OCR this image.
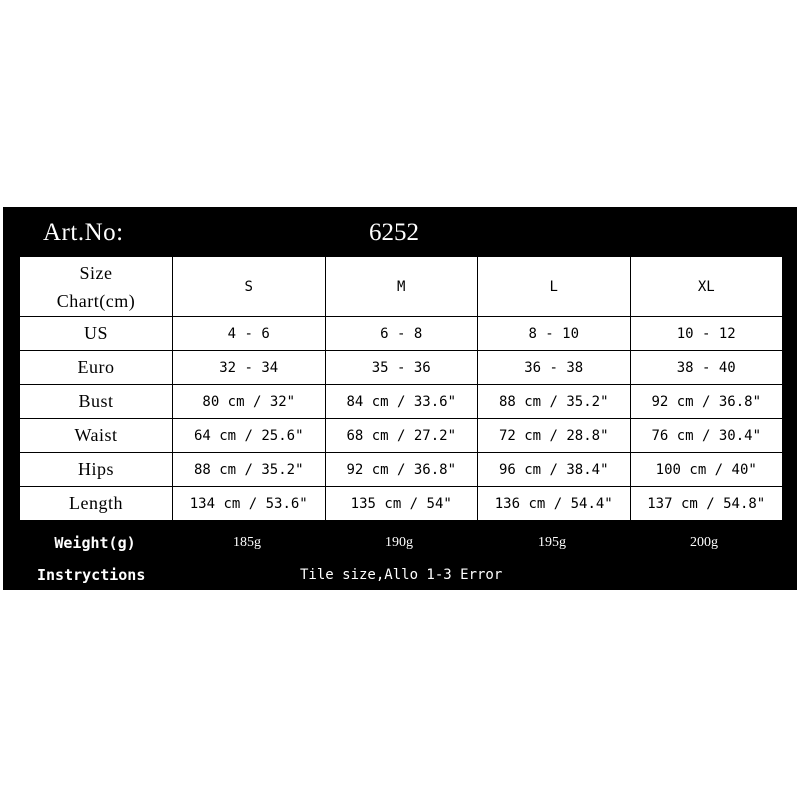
Art.No:	6252
Size
Chart(cm)	S	M	L	XL
US	4 - 6	6 - 8	8 - 10	10 - 12
Euro	32 - 34	35 - 36	36 - 38	38 - 40
Bust	80 cm / 32"	84 cm / 33.6"	88 cm / 35.2"	92 cm / 36.8"
Waist	64 cm / 25.6"	68 cm / 27.2"	72 cm / 28.8"	76 cm / 30.4"
Hips	88 cm / 35.2"	92 cm / 36.8"	96 cm / 38.4"	100 cm / 40"
Length	134 cm / 53.6"	135 cm / 54"	136 cm / 54.4"	137 cm / 54.8"
Weight(g)	185g	190g	195g	200g
Instryctions	Tile size,Allo 1-3 Error
